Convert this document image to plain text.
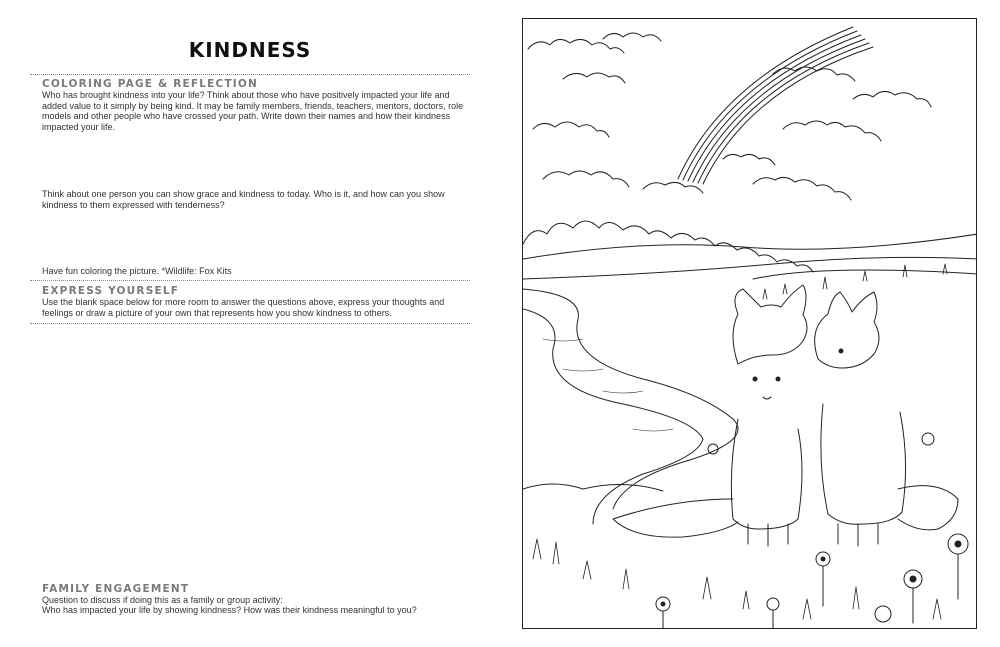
KINDNESS
COLORING PAGE & REFLECTION
Who has brought kindness into your life? Think about those who have positively impacted your life and added value to it simply by being kind. It may be family members, friends, teachers, mentors, doctors, role models and other people who have crossed your path. Write down their names and how their kindness impacted your life.
Think about one person you can show grace and kindness to today. Who is it, and how can you show kindness to them expressed with tenderness?
Have fun coloring the picture. *Wildlife: Fox Kits
EXPRESS YOURSELF
Use the blank space below for more room to answer the questions above, express your thoughts and feelings or draw a picture of your own that represents how you show kindness to others.
FAMILY ENGAGEMENT
Question to discuss if doing this as a family or group activity:
Who has impacted your life by showing kindness? How was their kindness meaningful to you?
